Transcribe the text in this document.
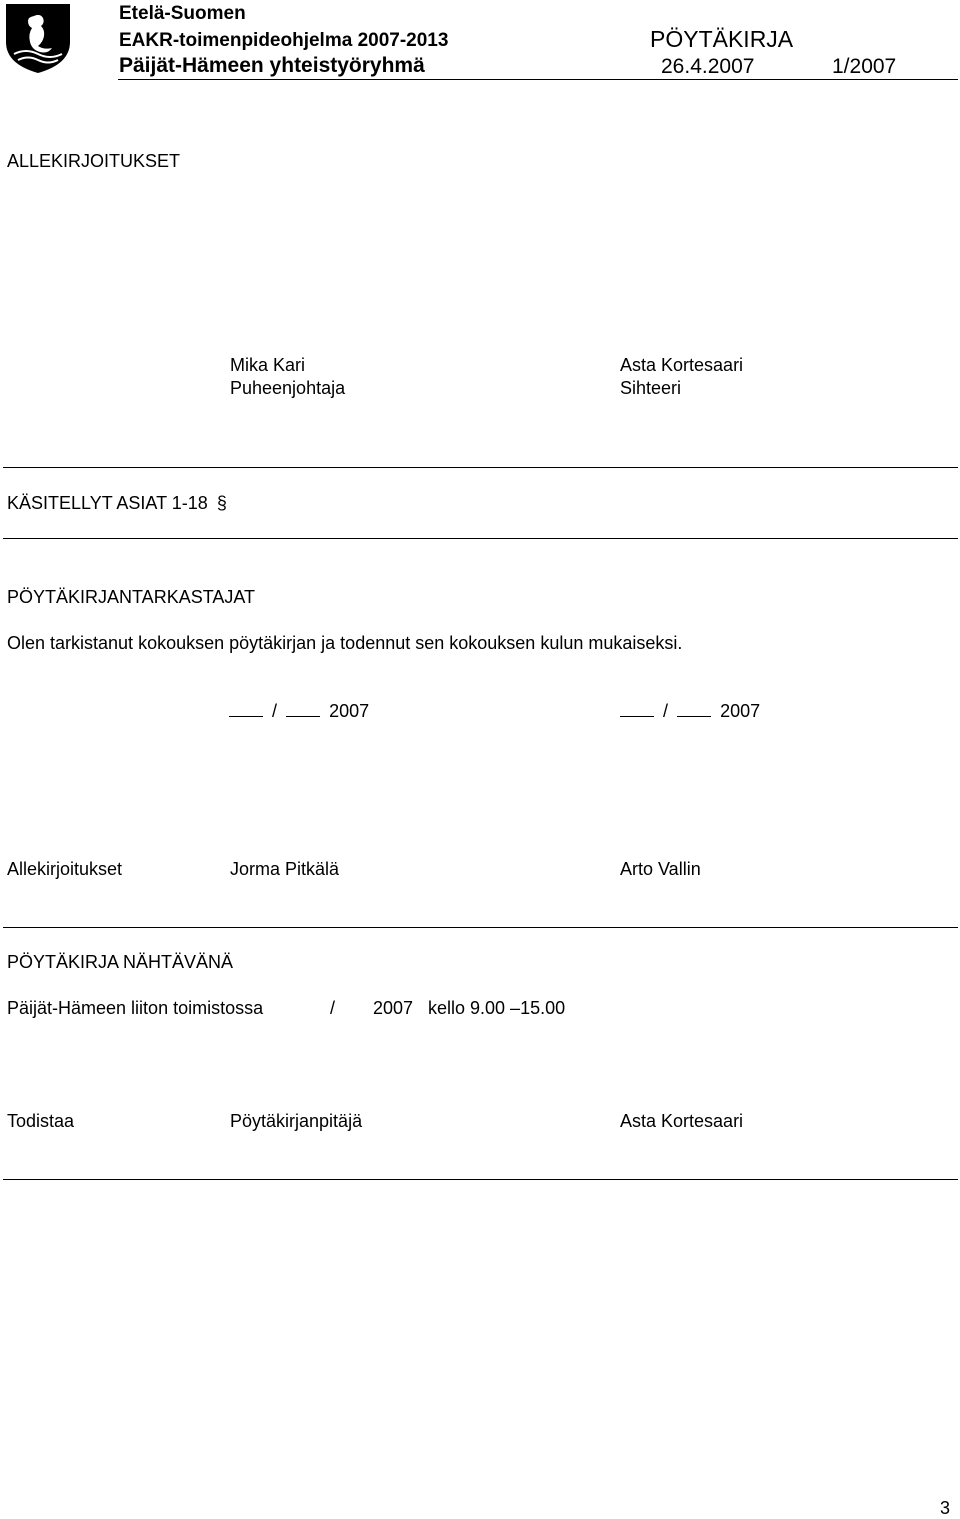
Etelä-Suomen
EAKR-toimenpideohjelma 2007-2013
Päijät-Hämeen yhteistyöryhmä
PÖYTÄKIRJA
26.4.2007	1/2007
ALLEKIRJOITUKSET
Mika Kari
Puheenjohtaja
Asta Kortesaari
Sihteeri
KÄSITELLYT ASIAT 1-18 §
PÖYTÄKIRJANTARKASTAJAT
Olen tarkistanut kokouksen pöytäkirjan ja todennut sen kokouksen kulun mukaiseksi.
/	2007	/	2007
Allekirjoitukset	Jorma Pitkälä	Arto Vallin
PÖYTÄKIRJA NÄHTÄVÄNÄ
Päijät-Hämeen liiton toimistossa	/ 2007 kello 9.00 –15.00
Todistaa	Pöytäkirjanpitäjä	Asta Kortesaari
3
